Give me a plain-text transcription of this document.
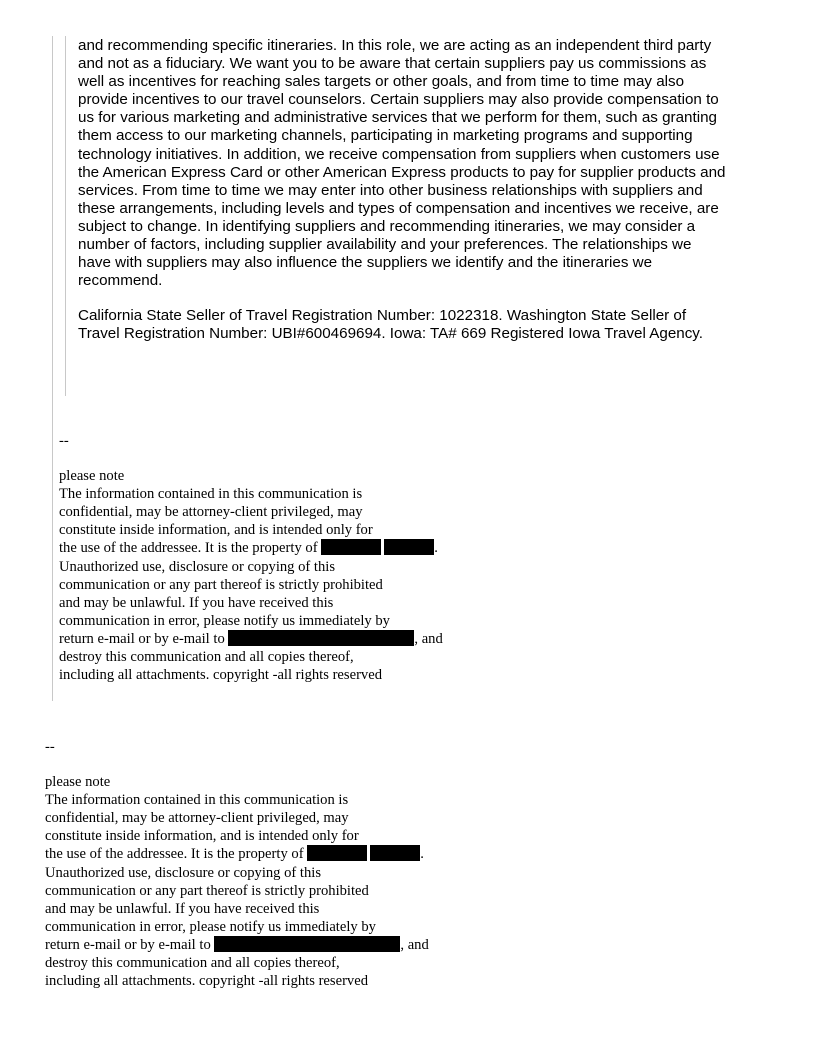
and recommending specific itineraries. In this role, we are acting as an independent third party

and not as a fiduciary. We want you to be aware that certain suppliers pay us commissions as

well as incentives for reaching sales targets or other goals, and from time to time may also

provide incentives to our travel counselors. Certain suppliers may also provide compensation to

us for various marketing and administrative services that we perform for them, such as granting

them access to our marketing channels, participating in marketing programs and supporting

technology initiatives. In addition, we receive compensation from suppliers when customers use

the American Express Card or other American Express products to pay for supplier products and

services. From time to time we may enter into other business relationships with suppliers and

these arrangements, including levels and types of compensation and incentives we receive, are

subject to change. In identifying suppliers and recommending itineraries, we may consider a

number of factors, including supplier availability and your preferences. The relationships we

have with suppliers may also influence the suppliers we identify and the itineraries we

recommend.

California State Seller of Travel Registration Number: 1022318. Washington State Seller of

Travel Registration Number: UBI#600469694. Iowa: TA# 669 Registered Iowa Travel Agency.

--

please note

The information contained in this communication is

confidential, may be attorney-client privileged, may

constitute inside information, and is intended only for

the use of the addressee. It is the property of	.

Unauthorized use, disclosure or copying of this

communication or any part thereof is strictly prohibited

and may be unlawful. If you have received this

communication in error, please notify us immediately by

return e-mail or by e-mail to	, and

destroy this communication and all copies thereof,

including all attachments. copyright -all rights reserved

--

please note

The information contained in this communication is

confidential, may be attorney-client privileged, may

constitute inside information, and is intended only for

the use of the addressee. It is the property of	.

Unauthorized use, disclosure or copying of this

communication or any part thereof is strictly prohibited

and may be unlawful. If you have received this

communication in error, please notify us immediately by

return e-mail or by e-mail to	, and

destroy this communication and all copies thereof,

including all attachments. copyright -all rights reserved
